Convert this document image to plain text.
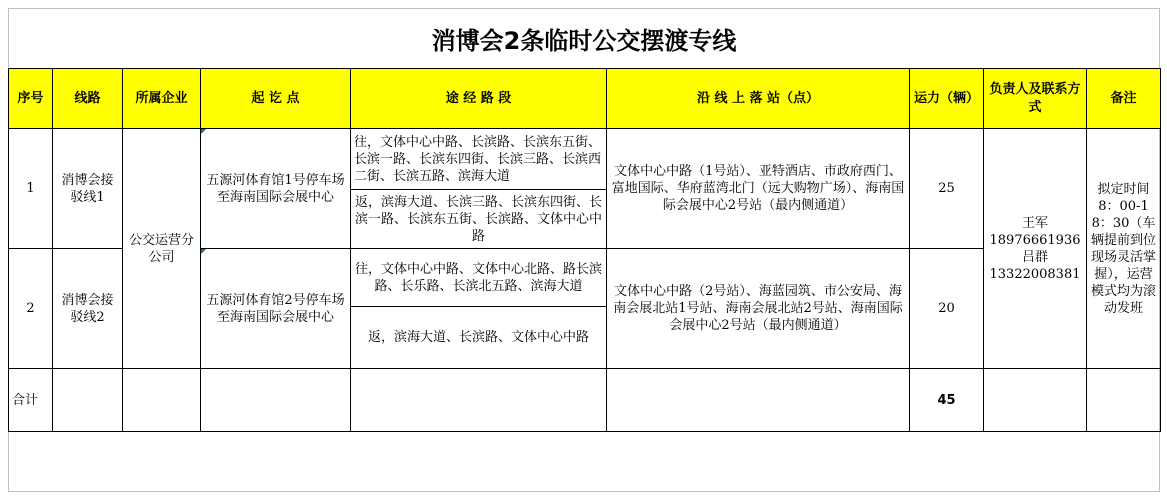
消博会2条临时公交摆渡专线
序号	线路	所属企业	起 讫 点	途 经 路 段	沿 线 上 落 站（点）	运力（辆）	负责人及联系方式	备注
1	消博会接驳线1	公交运营分公司	五源河体育馆1号停车场至海南国际会展中心	往，文体中心中路、长滨路、长滨东五街、长滨一路、长滨东四街、长滨三路、长滨西二街、长滨五路、滨海大道	文体中心中路（1号站）、亚特酒店、市政府西门、富地国际、华府蓝湾北门（远大购物广场）、海南国际会展中心2号站（最内侧通道）	25	王军
18976661936
吕群
13322008381	拟定时间8：00-18：30（车辆提前到位现场灵活掌握），运营模式均为滚动发班
				返，滨海大道、长滨三路、长滨东四街、长滨一路、长滨东五街、长滨路、文体中心中路				
2	消博会接驳线2		五源河体育馆2号停车场至海南国际会展中心	往，文体中心中路、文体中心北路、路长滨路、长乐路、长滨北五路、滨海大道	文体中心中路（2号站）、海蓝园筑、市公安局、海南会展北站1号站、海南会展北站2号站、海南国际会展中心2号站（最内侧通道）	20		
				返，滨海大道、长滨路、文体中心中路				
合计						45		
